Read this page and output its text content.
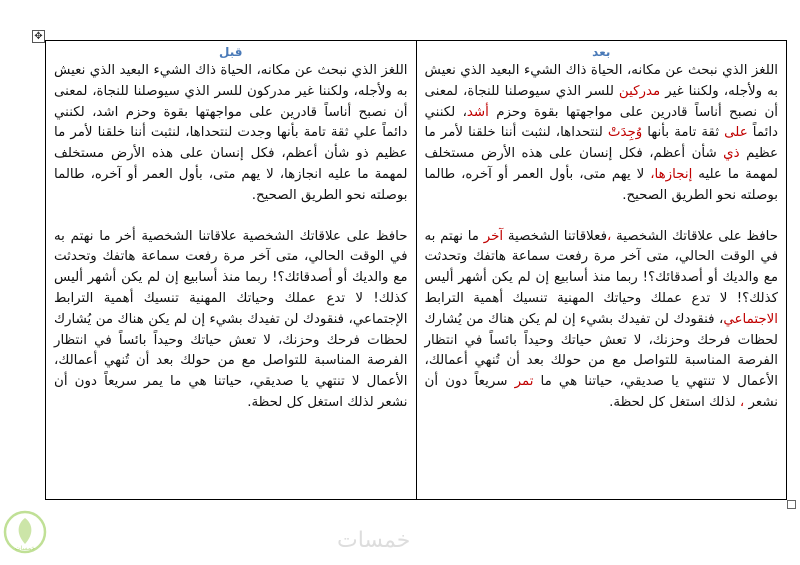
✥
قبل

اللغز الذي نبحث عن مكانه، الحياة ذاك الشيء البعيد الذي نعيش به ولأجله، ولكننا غير مدركون للسر الذي سيوصلنا للنجاة، لمعنى أن نصبح أناساً قادرين على مواجهتها بقوة وحزم اشد، لكنني دائماً علي ثقة تامة بأنها وجدت لنتحداها، لنثبت أننا خلقنا لأمر ما عظيم ذو شأن أعظم، فكل إنسان على هذه الأرض مستخلف لمهمة ما عليه انجازها، لا يهم متى، بأول العمر أو آخره، طالما بوصلته نحو الطريق الصحيح.

حافظ على علاقاتك الشخصية علاقاتنا الشخصية أخر ما نهتم به في الوقت الحالي، متى آخر مرة رفعت سماعة هاتفك وتحدثت مع والديك أو أصدقائك؟! ربما منذ أسابيع إن لم يكن أشهر أليس كذلك! لا تدع عملك وحياتك المهنية تنسيك أهمية الترابط الإجتماعي، فنقودك لن تفيدك بشيء إن لم يكن هناك من يُشارك لحظات فرحك وحزنك، لا تعش حياتك وحيداً بائساً في انتظار الفرصة المناسبة للتواصل مع من حولك بعد أن تُنهي أعمالك، الأعمال لا تنتهي يا صديقي، حياتنا هي ما يمر سريعاً دون أن نشعر لذلك استغل كل لحظة.

بعد

اللغز الذي نبحث عن مكانه، الحياة ذاك الشيء البعيد الذي نعيش به ولأجله، ولكننا غير مدركين للسر الذي سيوصلنا للنجاة، لمعنى أن نصبح أناساً قادرين على مواجهتها بقوة وحزم أشد، لكنني دائماً على ثقة تامة بأنها وُجِدَتْ لنتحداها، لنثبت أننا خلقنا لأمر ما عظيم ذي شأن أعظم، فكل إنسان على هذه الأرض مستخلف لمهمة ما عليه إنجازها، لا يهم متى، بأول العمر أو آخره، طالما بوصلته نحو الطريق الصحيح.

حافظ على علاقاتك الشخصية ،فعلاقاتنا الشخصية آخر ما نهتم به في الوقت الحالي، متى آخر مرة رفعت سماعة هاتفك وتحدثت مع والديك أو أصدقائك؟! ربما منذ أسابيع إن لم يكن أشهر أليس كذلك؟! لا تدع عملك وحياتك المهنية تنسيك أهمية الترابط الاجتماعي، فنقودك لن تفيدك بشيء إن لم يكن هناك من يُشارك لحظات فرحك وحزنك، لا تعش حياتك وحيداً بائساً في انتظار الفرصة المناسبة للتواصل مع من حولك بعد أن تُنهي أعمالك، الأعمال لا تنتهي يا صديقي، حياتنا هي ما تمر سريعاً دون أن نشعر ، لذلك استغل كل لحظة.

خمسات	خمسات
